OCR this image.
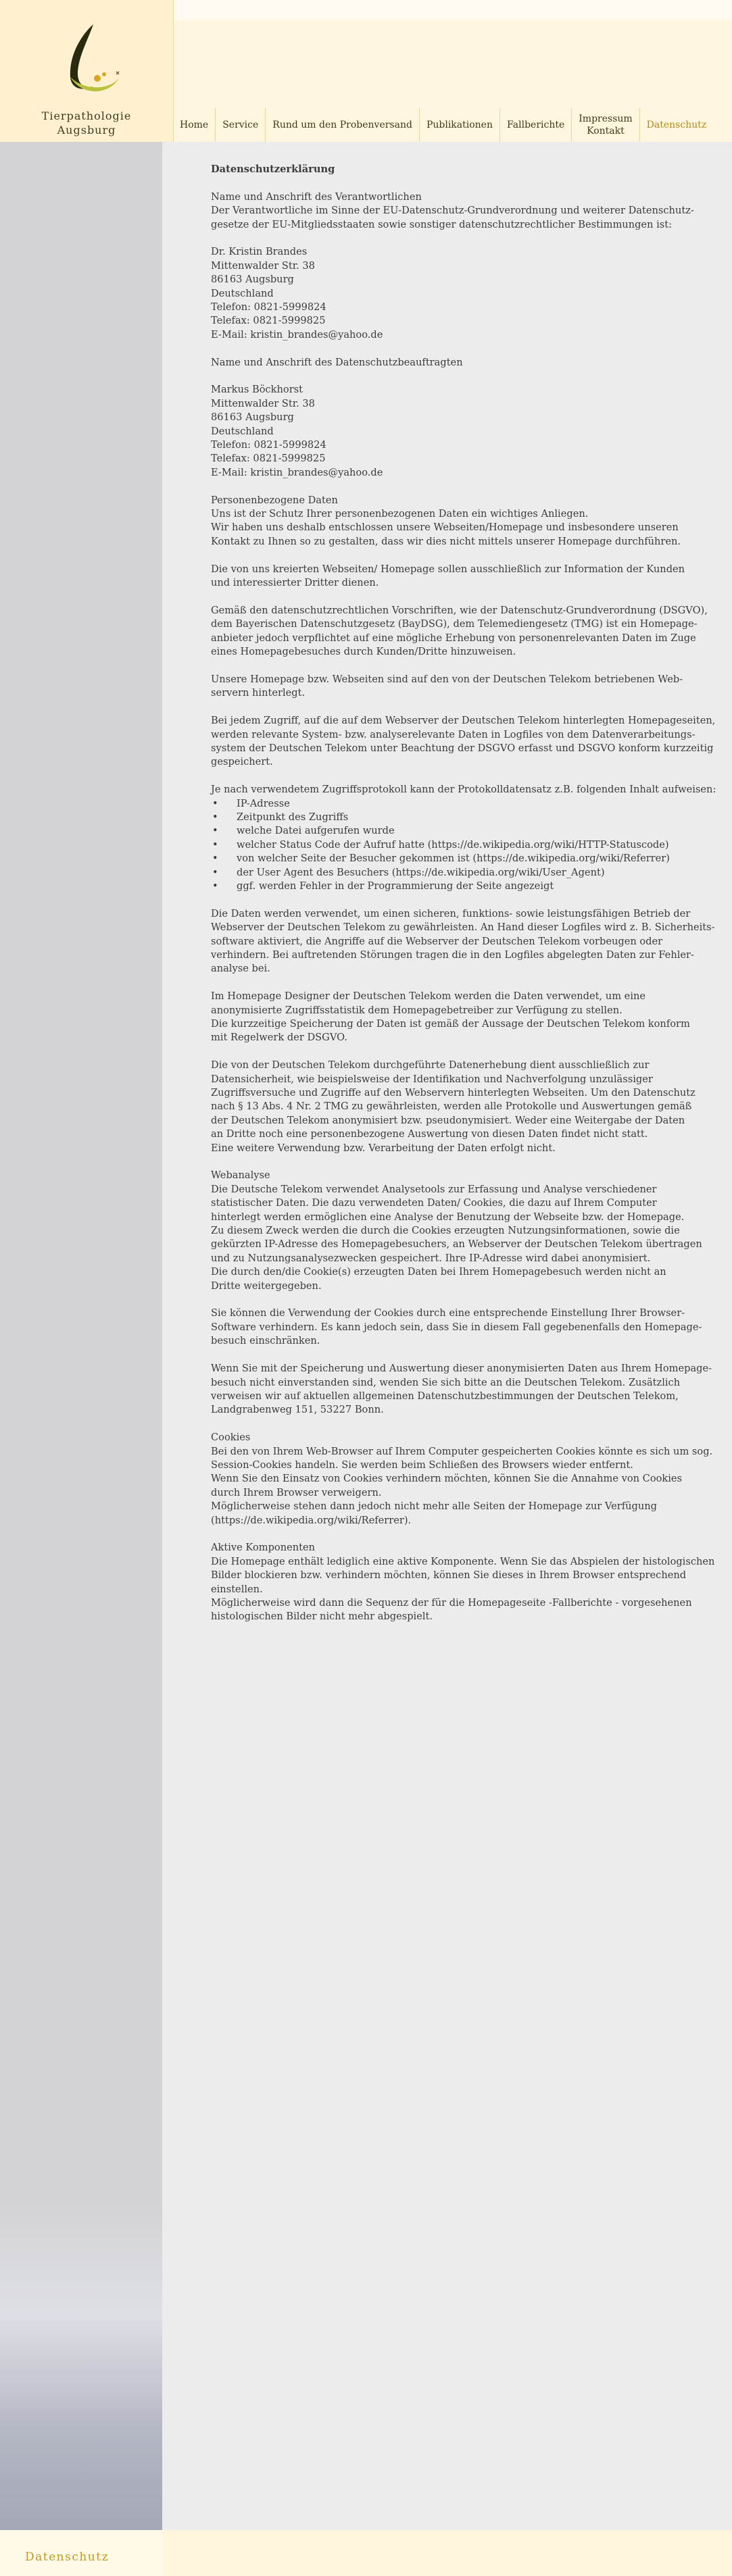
Tierpathologie
Augsburg	Home	Service	Rund um den Probenversand	Publikationen	Fallberichte
Impressum
Kontakt
Datenschutz

Datenschutzerklärung

Name und Anschrift des Verantwortlichen

Der Verantwortliche im Sinne der EU-Datenschutz-Grundverordnung und weiterer Datenschutz-

gesetze der EU-Mitgliedsstaaten sowie sonstiger datenschutzrechtlicher Bestimmungen ist:

Dr. Kristin Brandes

Mittenwalder Str. 38

86163 Augsburg

Deutschland

Telefon: 0821-5999824

Telefax: 0821-5999825

E-Mail: kristin_brandes@yahoo.de

Name und Anschrift des Datenschutzbeauftragten

Markus Böckhorst

Mittenwalder Str. 38

86163 Augsburg

Deutschland

Telefon: 0821-5999824

Telefax: 0821-5999825

E-Mail: kristin_brandes@yahoo.de

Personenbezogene Daten

Uns ist der Schutz Ihrer personenbezogenen Daten ein wichtiges Anliegen.

Wir haben uns deshalb entschlossen unsere Webseiten/Homepage und insbesondere unseren

Kontakt zu Ihnen so zu gestalten, dass wir dies nicht mittels unserer Homepage durchführen.

Die von uns kreierten Webseiten/ Homepage sollen ausschließlich zur Information der Kunden

und interessierter Dritter dienen.

Gemäß den datenschutzrechtlichen Vorschriften, wie der Datenschutz-Grundverordnung (DSGVO),

dem Bayerischen Datenschutzgesetz (BayDSG), dem Telemediengesetz (TMG) ist ein Homepage-

anbieter jedoch verpflichtet auf eine mögliche Erhebung von personenrelevanten Daten im Zuge

eines Homepagebesuches durch Kunden/Dritte hinzuweisen.

Unsere Homepage bzw. Webseiten sind auf den von der Deutschen Telekom betriebenen Web-

servern hinterlegt.

Bei jedem Zugriff, auf die auf dem Webserver der Deutschen Telekom hinterlegten Homepageseiten,

werden relevante System- bzw. analyserelevante Daten in Logfiles von dem Datenverarbeitungs-

system der Deutschen Telekom unter Beachtung der DSGVO erfasst und DSGVO konform kurzzeitig

gespeichert.

Je nach verwendetem Zugriffsprotokoll kann der Protokolldatensatz z.B. folgenden Inhalt aufweisen:

• IP-Adresse
• Zeitpunkt des Zugriffs
• welche Datei aufgerufen wurde
• welcher Status Code der Aufruf hatte (https://de.wikipedia.org/wiki/HTTP-Statuscode)
• von welcher Seite der Besucher gekommen ist (https://de.wikipedia.org/wiki/Referrer)
• der User Agent des Besuchers (https://de.wikipedia.org/wiki/User_Agent)
• ggf. werden Fehler in der Programmierung der Seite angezeigt

Die Daten werden verwendet, um einen sicheren, funktions- sowie leistungsfähigen Betrieb der

Webserver der Deutschen Telekom zu gewährleisten. An Hand dieser Logfiles wird z. B. Sicherheits-

software aktiviert, die Angriffe auf die Webserver der Deutschen Telekom vorbeugen oder

verhindern. Bei auftretenden Störungen tragen die in den Logfiles abgelegten Daten zur Fehler-

analyse bei.

Im Homepage Designer der Deutschen Telekom werden die Daten verwendet, um eine

anonymisierte Zugriffsstatistik dem Homepagebetreiber zur Verfügung zu stellen.

Die kurzzeitige Speicherung der Daten ist gemäß der Aussage der Deutschen Telekom konform

mit Regelwerk der DSGVO.

Die von der Deutschen Telekom durchgeführte Datenerhebung dient ausschließlich zur

Datensicherheit, wie beispielsweise der Identifikation und Nachverfolgung unzulässiger

Zugriffsversuche und Zugriffe auf den Webservern hinterlegten Webseiten. Um den Datenschutz

nach § 13 Abs. 4 Nr. 2 TMG zu gewährleisten, werden alle Protokolle und Auswertungen gemäß

der Deutschen Telekom anonymisiert bzw. pseudonymisiert. Weder eine Weitergabe der Daten

an Dritte noch eine personenbezogene Auswertung von diesen Daten findet nicht statt.

Eine weitere Verwendung bzw. Verarbeitung der Daten erfolgt nicht.

Webanalyse

Die Deutsche Telekom verwendet Analysetools zur Erfassung und Analyse verschiedener

statistischer Daten. Die dazu verwendeten Daten/ Cookies, die dazu auf Ihrem Computer

hinterlegt werden ermöglichen eine Analyse der Benutzung der Webseite bzw. der Homepage.

Zu diesem Zweck werden die durch die Cookies erzeugten Nutzungsinformationen, sowie die

gekürzten IP-Adresse des Homepagebesuchers, an Webserver der Deutschen Telekom übertragen

und zu Nutzungsanalysezwecken gespeichert. Ihre IP-Adresse wird dabei anonymisiert.

Die durch den/die Cookie(s) erzeugten Daten bei Ihrem Homepagebesuch werden nicht an

Dritte weitergegeben.

Sie können die Verwendung der Cookies durch eine entsprechende Einstellung Ihrer Browser-

Software verhindern. Es kann jedoch sein, dass Sie in diesem Fall gegebenenfalls den Homepage-

besuch einschränken.

Wenn Sie mit der Speicherung und Auswertung dieser anonymisierten Daten aus Ihrem Homepage-

besuch nicht einverstanden sind, wenden Sie sich bitte an die Deutschen Telekom. Zusätzlich

verweisen wir auf aktuellen allgemeinen Datenschutzbestimmungen der Deutschen Telekom,

Landgrabenweg 151, 53227 Bonn.

Cookies

Bei den von Ihrem Web-Browser auf Ihrem Computer gespeicherten Cookies könnte es sich um sog.

Session-Cookies handeln. Sie werden beim Schließen des Browsers wieder entfernt.

Wenn Sie den Einsatz von Cookies verhindern möchten, können Sie die Annahme von Cookies

durch Ihrem Browser verweigern.

Möglicherweise stehen dann jedoch nicht mehr alle Seiten der Homepage zur Verfügung

(https://de.wikipedia.org/wiki/Referrer).

Aktive Komponenten

Die Homepage enthält lediglich eine aktive Komponente. Wenn Sie das Abspielen der histologischen

Bilder blockieren bzw. verhindern möchten, können Sie dieses in Ihrem Browser entsprechend

einstellen.

Möglicherweise wird dann die Sequenz der für die Homepageseite -Fallberichte - vorgesehenen

histologischen Bilder nicht mehr abgespielt.

Datenschutz
